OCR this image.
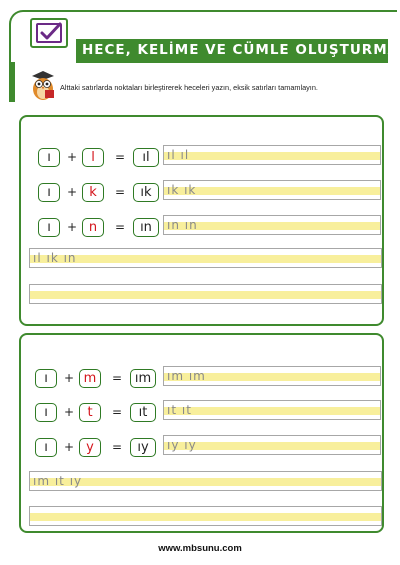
HECE, KELİME VE CÜMLE OLUŞTURMA
Alttaki satırlarda noktaları birleştirerek heceleri yazın, eksik satırları tamamlayın.
ı	+	l	=	ıl	ıl ıl
ı	+ k	=	ık	ık ık
ı	+ n	=	ın	ın ın
ıl ık ın
ı	+ m	= ım	ım ım
ı	+	t	=	ıt	ıt ıt
ı	+ y	=	ıy	ıy ıy
ım ıt ıy
www.mbsunu.com
